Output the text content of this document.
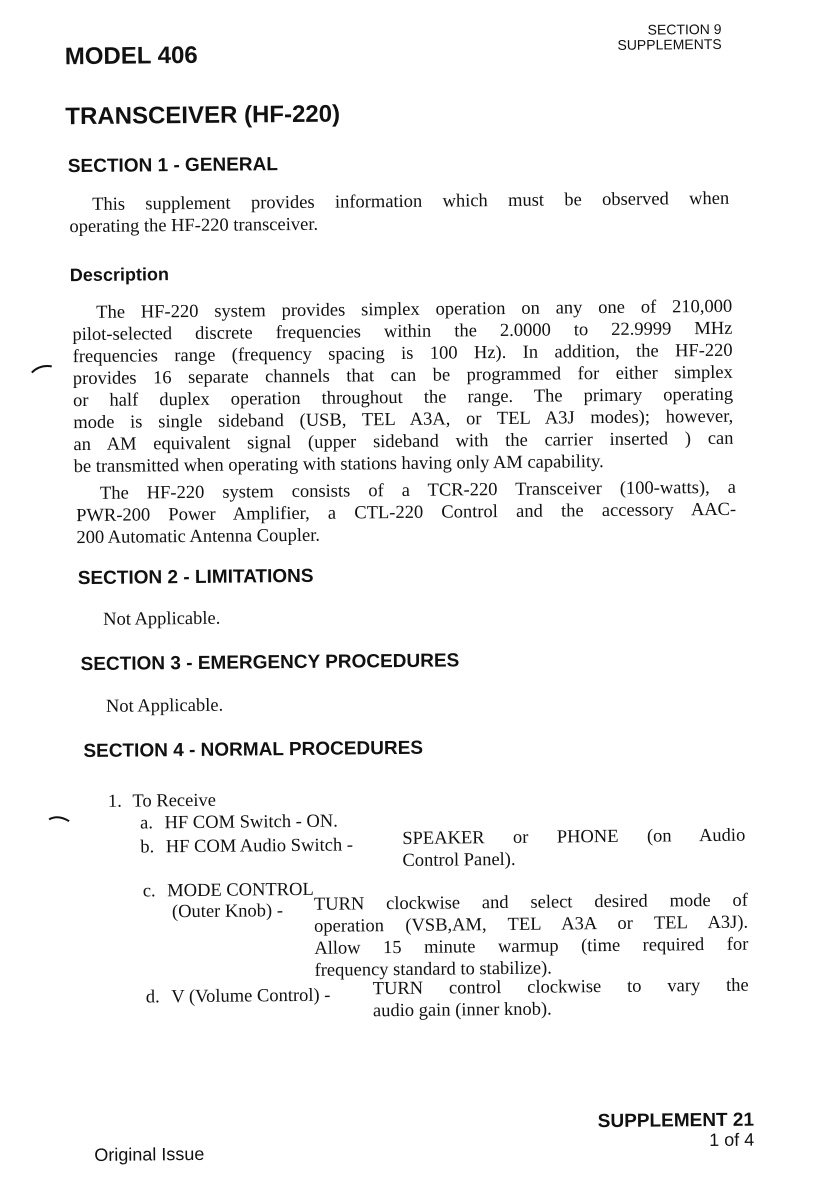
SECTION 9
SUPPLEMENTS
MODEL 406
TRANSCEIVER (HF-220)
SECTION 1 - GENERAL
This supplement provides information which must be observed when
operating the HF-220 transceiver.
Description
The HF-220 system provides simplex operation on any one of 210,000
pilot-selected discrete frequencies within the 2.0000 to 22.9999 MHz
frequencies range (frequency spacing is 100 Hz). In addition, the HF-220
provides 16 separate channels that can be programmed for either simplex
or half duplex operation throughout the range. The primary operating
mode is single sideband (USB, TEL A3A, or TEL A3J modes); however,
an AM equivalent signal (upper sideband with the carrier inserted ) can
be transmitted when operating with stations having only AM capability.
The HF-220 system consists of a TCR-220 Transceiver (100-watts), a
PWR-200 Power Amplifier, a CTL-220 Control and the accessory AAC-
200 Automatic Antenna Coupler.
SECTION 2 - LIMITATIONS
Not Applicable.
SECTION 3 - EMERGENCY PROCEDURES
Not Applicable.
SECTION 4 - NORMAL PROCEDURES
1. To Receive
a. HF COM Switch - ON.
b. HF COM Audio Switch -	SPEAKER or PHONE (on Audio
Control Panel).
c. MODE CONTROL
(Outer Knob) - TURN clockwise and select desired mode of
operation (VSB,AM, TEL A3A or TEL A3J).
Allow 15 minute warmup (time required for
frequency standard to stabilize).
d. V (Volume Control) - TURN control clockwise to vary the
audio gain (inner knob).
Original Issue
SUPPLEMENT 21
1 of 4
